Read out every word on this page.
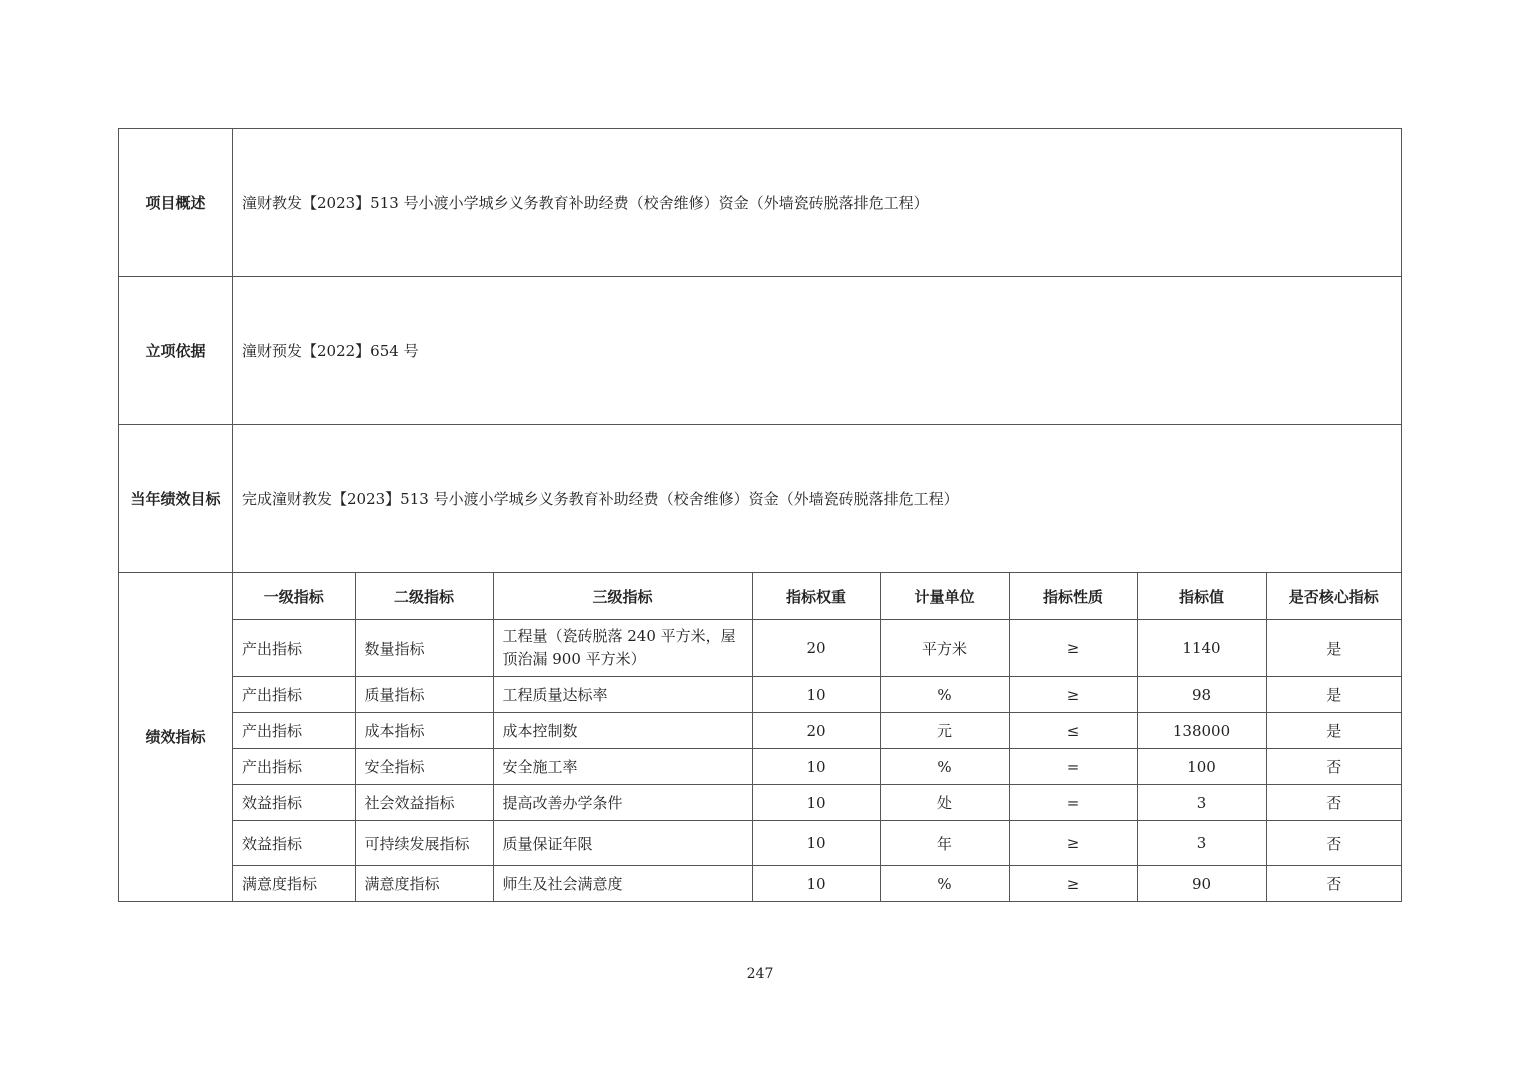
项目概述	潼财教发【2023】513 号小渡小学城乡义务教育补助经费（校舍维修）资金（外墙瓷砖脱落排危工程）
立项依据	潼财预发【2022】654 号
当年绩效目标	完成潼财教发【2023】513 号小渡小学城乡义务教育补助经费（校舍维修）资金（外墙瓷砖脱落排危工程）
绩效指标	
一级指标	二级指标	三级指标	指标权重	计量单位	指标性质	指标值	是否核心指标
产出指标	数量指标	工程量（瓷砖脱落 240 平方米，屋顶治漏 900 平方米）	20	平方米	≥	1140	是
产出指标	质量指标	工程质量达标率	10	%	≥	98	是
产出指标	成本指标	成本控制数	20	元	≤	138000	是
产出指标	安全指标	安全施工率	10	%	=	100	否
效益指标	社会效益指标	提高改善办学条件	10	处	=	3	否
效益指标	可持续发展指标	质量保证年限	10	年	≥	3	否
满意度指标	满意度指标	师生及社会满意度	10	%	≥	90	否
247
